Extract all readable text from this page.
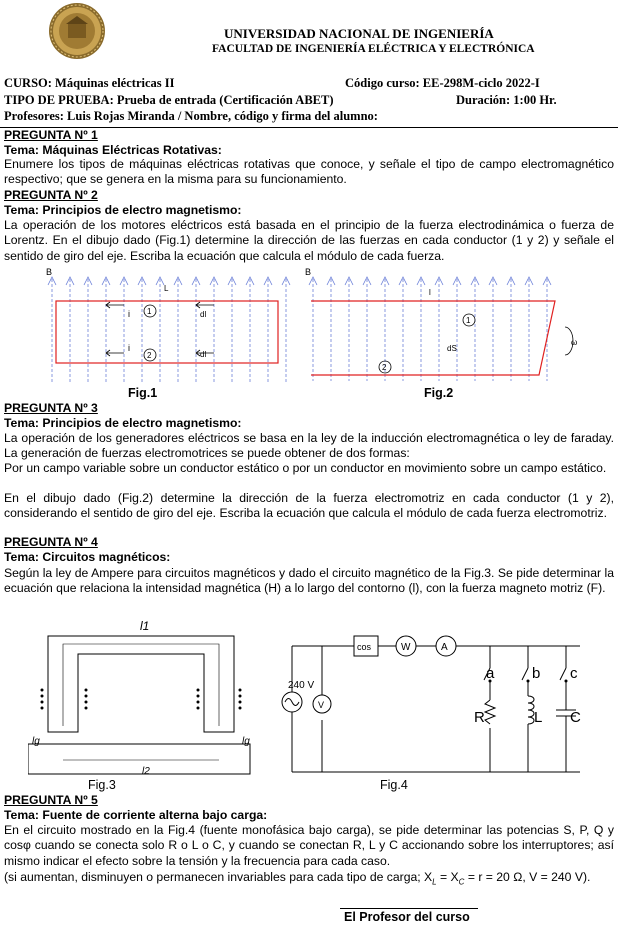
UNIVERSIDAD NACIONAL DE INGENIERÍA
FACULTAD DE INGENIERÍA ELÉCTRICA Y ELECTRÓNICA
CURSO: Máquinas eléctricas II	Código curso: EE-298M-ciclo 2022-I
TIPO DE PRUEBA: Prueba de entrada (Certificación ABET)	Duración: 1:00 Hr.
Profesores: Luis Rojas Miranda / Nombre, código y firma del alumno:
PREGUNTA Nº 1
Tema: Máquinas Eléctricas Rotativas:
Enumere los tipos de máquinas eléctricas rotativas que conoce, y señale el tipo de campo electromagnético respectivo; que se genera en la misma para su funcionamiento.
PREGUNTA Nº 2
Tema: Principios de electro magnetismo:
La operación de los motores eléctricos está basada en el principio de la fuerza electrodinámica o fuerza de Lorentz. En el dibujo dado (Fig.1) determine la dirección de las fuerzas en cada conductor (1 y 2) y señale el sentido de giro del eje. Escriba la ecuación que calcula el módulo de cada fuerza.
B
L
i 1	dl
i
2	dl
B
l
1
dS
2
ω
Fig.1	Fig.2
PREGUNTA Nº 3
Tema: Principios de electro magnetismo:
La operación de los generadores eléctricos se basa en la ley de la inducción electromagnética o ley de faraday. La generación de fuerzas electromotrices se puede obtener de dos formas:
Por un campo variable sobre un conductor estático o por un conductor en movimiento sobre un campo estático.
En el dibujo dado (Fig.2) determine la dirección de la fuerza electromotriz en cada conductor (1 y 2), considerando el sentido de giro del eje. Escriba la ecuación que calcula el módulo de cada fuerza electromotriz.
PREGUNTA Nº 4
Tema: Circuitos magnéticos:
Según la ley de Ampere para circuitos magnéticos y dado el circuito magnético de la Fig.3. Se pide determinar la ecuación que relaciona la intensidad magnética (H) a lo largo del contorno (l), con la fuerza magneto motriz (F).
l1
l2
lg	lg
cos	W	A
V
240 V
a	b c
R	L C
Fig.3	Fig.4
PREGUNTA Nº 5
Tema: Fuente de corriente alterna bajo carga:
En el circuito mostrado en la Fig.4 (fuente monofásica bajo carga), se pide determinar las potencias S, P, Q y cosφ cuando se conecta solo R o L o C, y cuando se conectan R, L y C accionando sobre los interruptores; así mismo indicar el efecto sobre la tensión y la frecuencia para cada caso.
(si aumentan, disminuyen o permanecen invariables para cada tipo de carga; $X_L = X_C = r = 20$ Ω, V = 240 V).
El Profesor del curso
